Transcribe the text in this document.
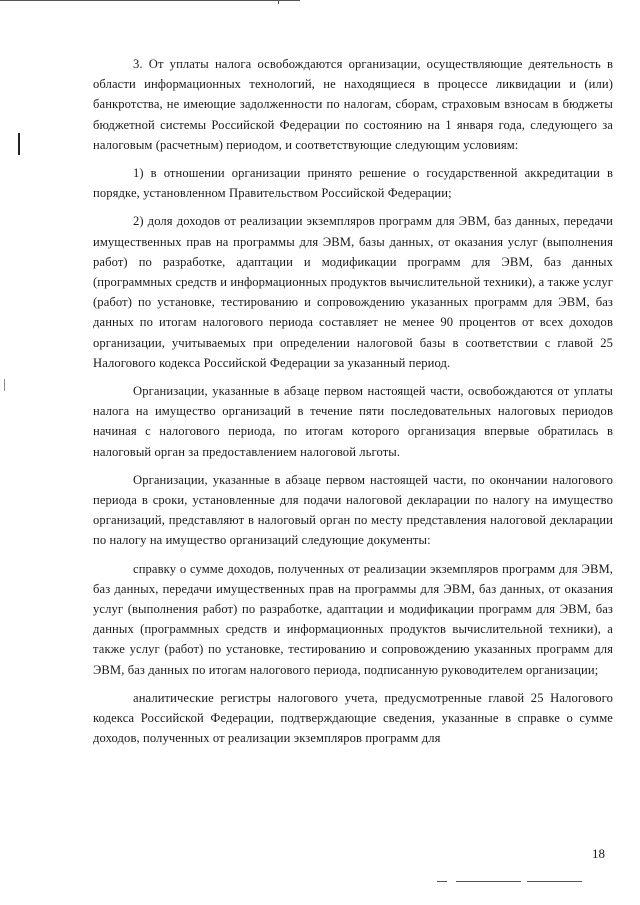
3. От уплаты налога освобождаются организации, осуществляющие деятельность в области информационных технологий, не находящиеся в процессе ликвидации и (или) банкротства, не имеющие задолженности по налогам, сборам, страховым взносам в бюджеты бюджетной системы Российской Федерации по состоянию на 1 января года, следующего за налоговым (расчетным) периодом, и соответствующие следующим условиям:

1) в отношении организации принято решение о государственной аккредитации в порядке, установленном Правительством Российской Федерации;

2) доля доходов от реализации экземпляров программ для ЭВМ, баз данных, передачи имущественных прав на программы для ЭВМ, базы данных, от оказания услуг (выполнения работ) по разработке, адаптации и модификации программ для ЭВМ, баз данных (программных средств и информационных продуктов вычислительной техники), а также услуг (работ) по установке, тестированию и сопровождению указанных программ для ЭВМ, баз данных по итогам налогового периода составляет не менее 90 процентов от всех доходов организации, учитываемых при определении налоговой базы в соответствии с главой 25 Налогового кодекса Российской Федерации за указанный период.

Организации, указанные в абзаце первом настоящей части, освобождаются от уплаты налога на имущество организаций в течение пяти последовательных налоговых периодов начиная с налогового периода, по итогам которого организация впервые обратилась в налоговый орган за предоставлением налоговой льготы.

Организации, указанные в абзаце первом настоящей части, по окончании налогового периода в сроки, установленные для подачи налоговой декларации по налогу на имущество организаций, представляют в налоговый орган по месту представления налоговой декларации по налогу на имущество организаций следующие документы:

справку о сумме доходов, полученных от реализации экземпляров программ для ЭВМ, баз данных, передачи имущественных прав на программы для ЭВМ, баз данных, от оказания услуг (выполнения работ) по разработке, адаптации и модификации программ для ЭВМ, баз данных (программных средств и информационных продуктов вычислительной техники), а также услуг (работ) по установке, тестированию и сопровождению указанных программ для ЭВМ, баз данных по итогам налогового периода, подписанную руководителем организации;

аналитические регистры налогового учета, предусмотренные главой 25 Налогового кодекса Российской Федерации, подтверждающие сведения, указанные в справке о сумме доходов, полученных от реализации экземпляров программ для

18
